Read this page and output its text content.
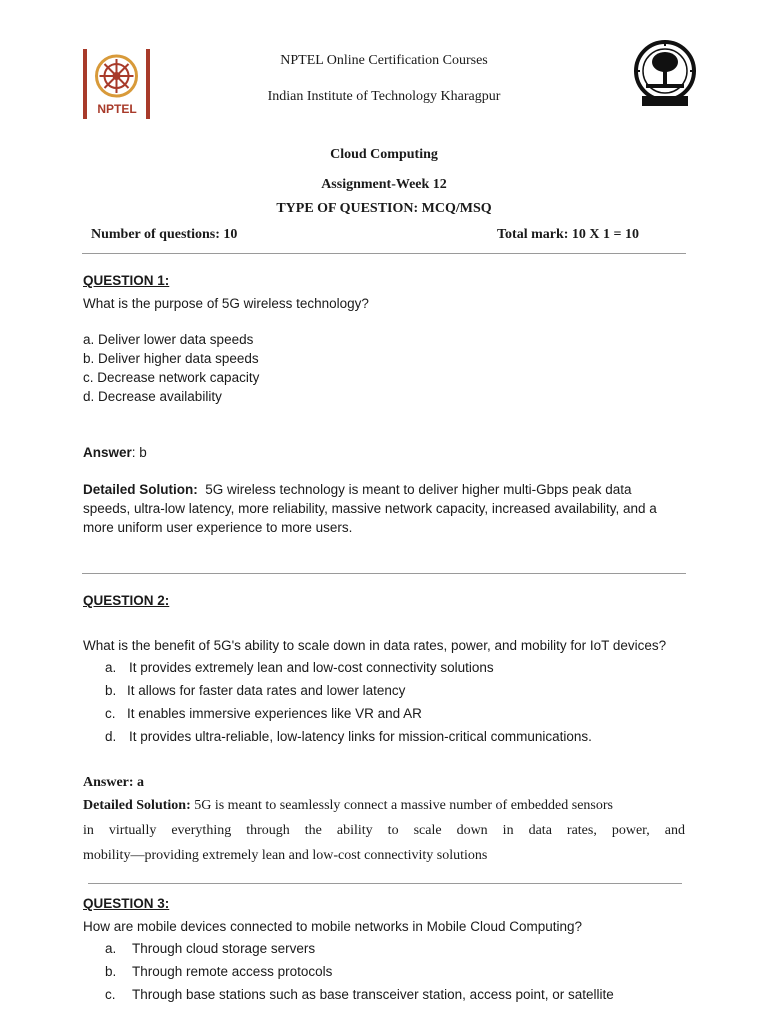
NPTEL
NPTEL Online Certification Courses
Indian Institute of Technology Kharagpur
Cloud Computing
Assignment-Week 12
TYPE OF QUESTION: MCQ/MSQ
Number of questions: 10	Total mark: 10 X 1 = 10
QUESTION 1:
What is the purpose of 5G wireless technology?
a. Deliver lower data speeds
b. Deliver higher data speeds
c. Decrease network capacity
d. Decrease availability
Answer: b
Detailed Solution: 5G wireless technology is meant to deliver higher multi-Gbps peak data
speeds, ultra-low latency, more reliability, massive network capacity, increased availability, and a
more uniform user experience to more users.
QUESTION 2:
What is the benefit of 5G's ability to scale down in data rates, power, and mobility for IoT devices?
a. It provides extremely lean and low-cost connectivity solutions
b. It allows for faster data rates and lower latency
c. It enables immersive experiences like VR and AR
d. It provides ultra-reliable, low-latency links for mission-critical communications.
Answer: a
Detailed Solution: 5G is meant to seamlessly connect a massive number of embedded sensors
in virtually everything through the ability to scale down in data rates, power, and
mobility—providing extremely lean and low-cost connectivity solutions
QUESTION 3:
How are mobile devices connected to mobile networks in Mobile Cloud Computing?
a. Through cloud storage servers
b. Through remote access protocols
c. Through base stations such as base transceiver station, access point, or satellite
